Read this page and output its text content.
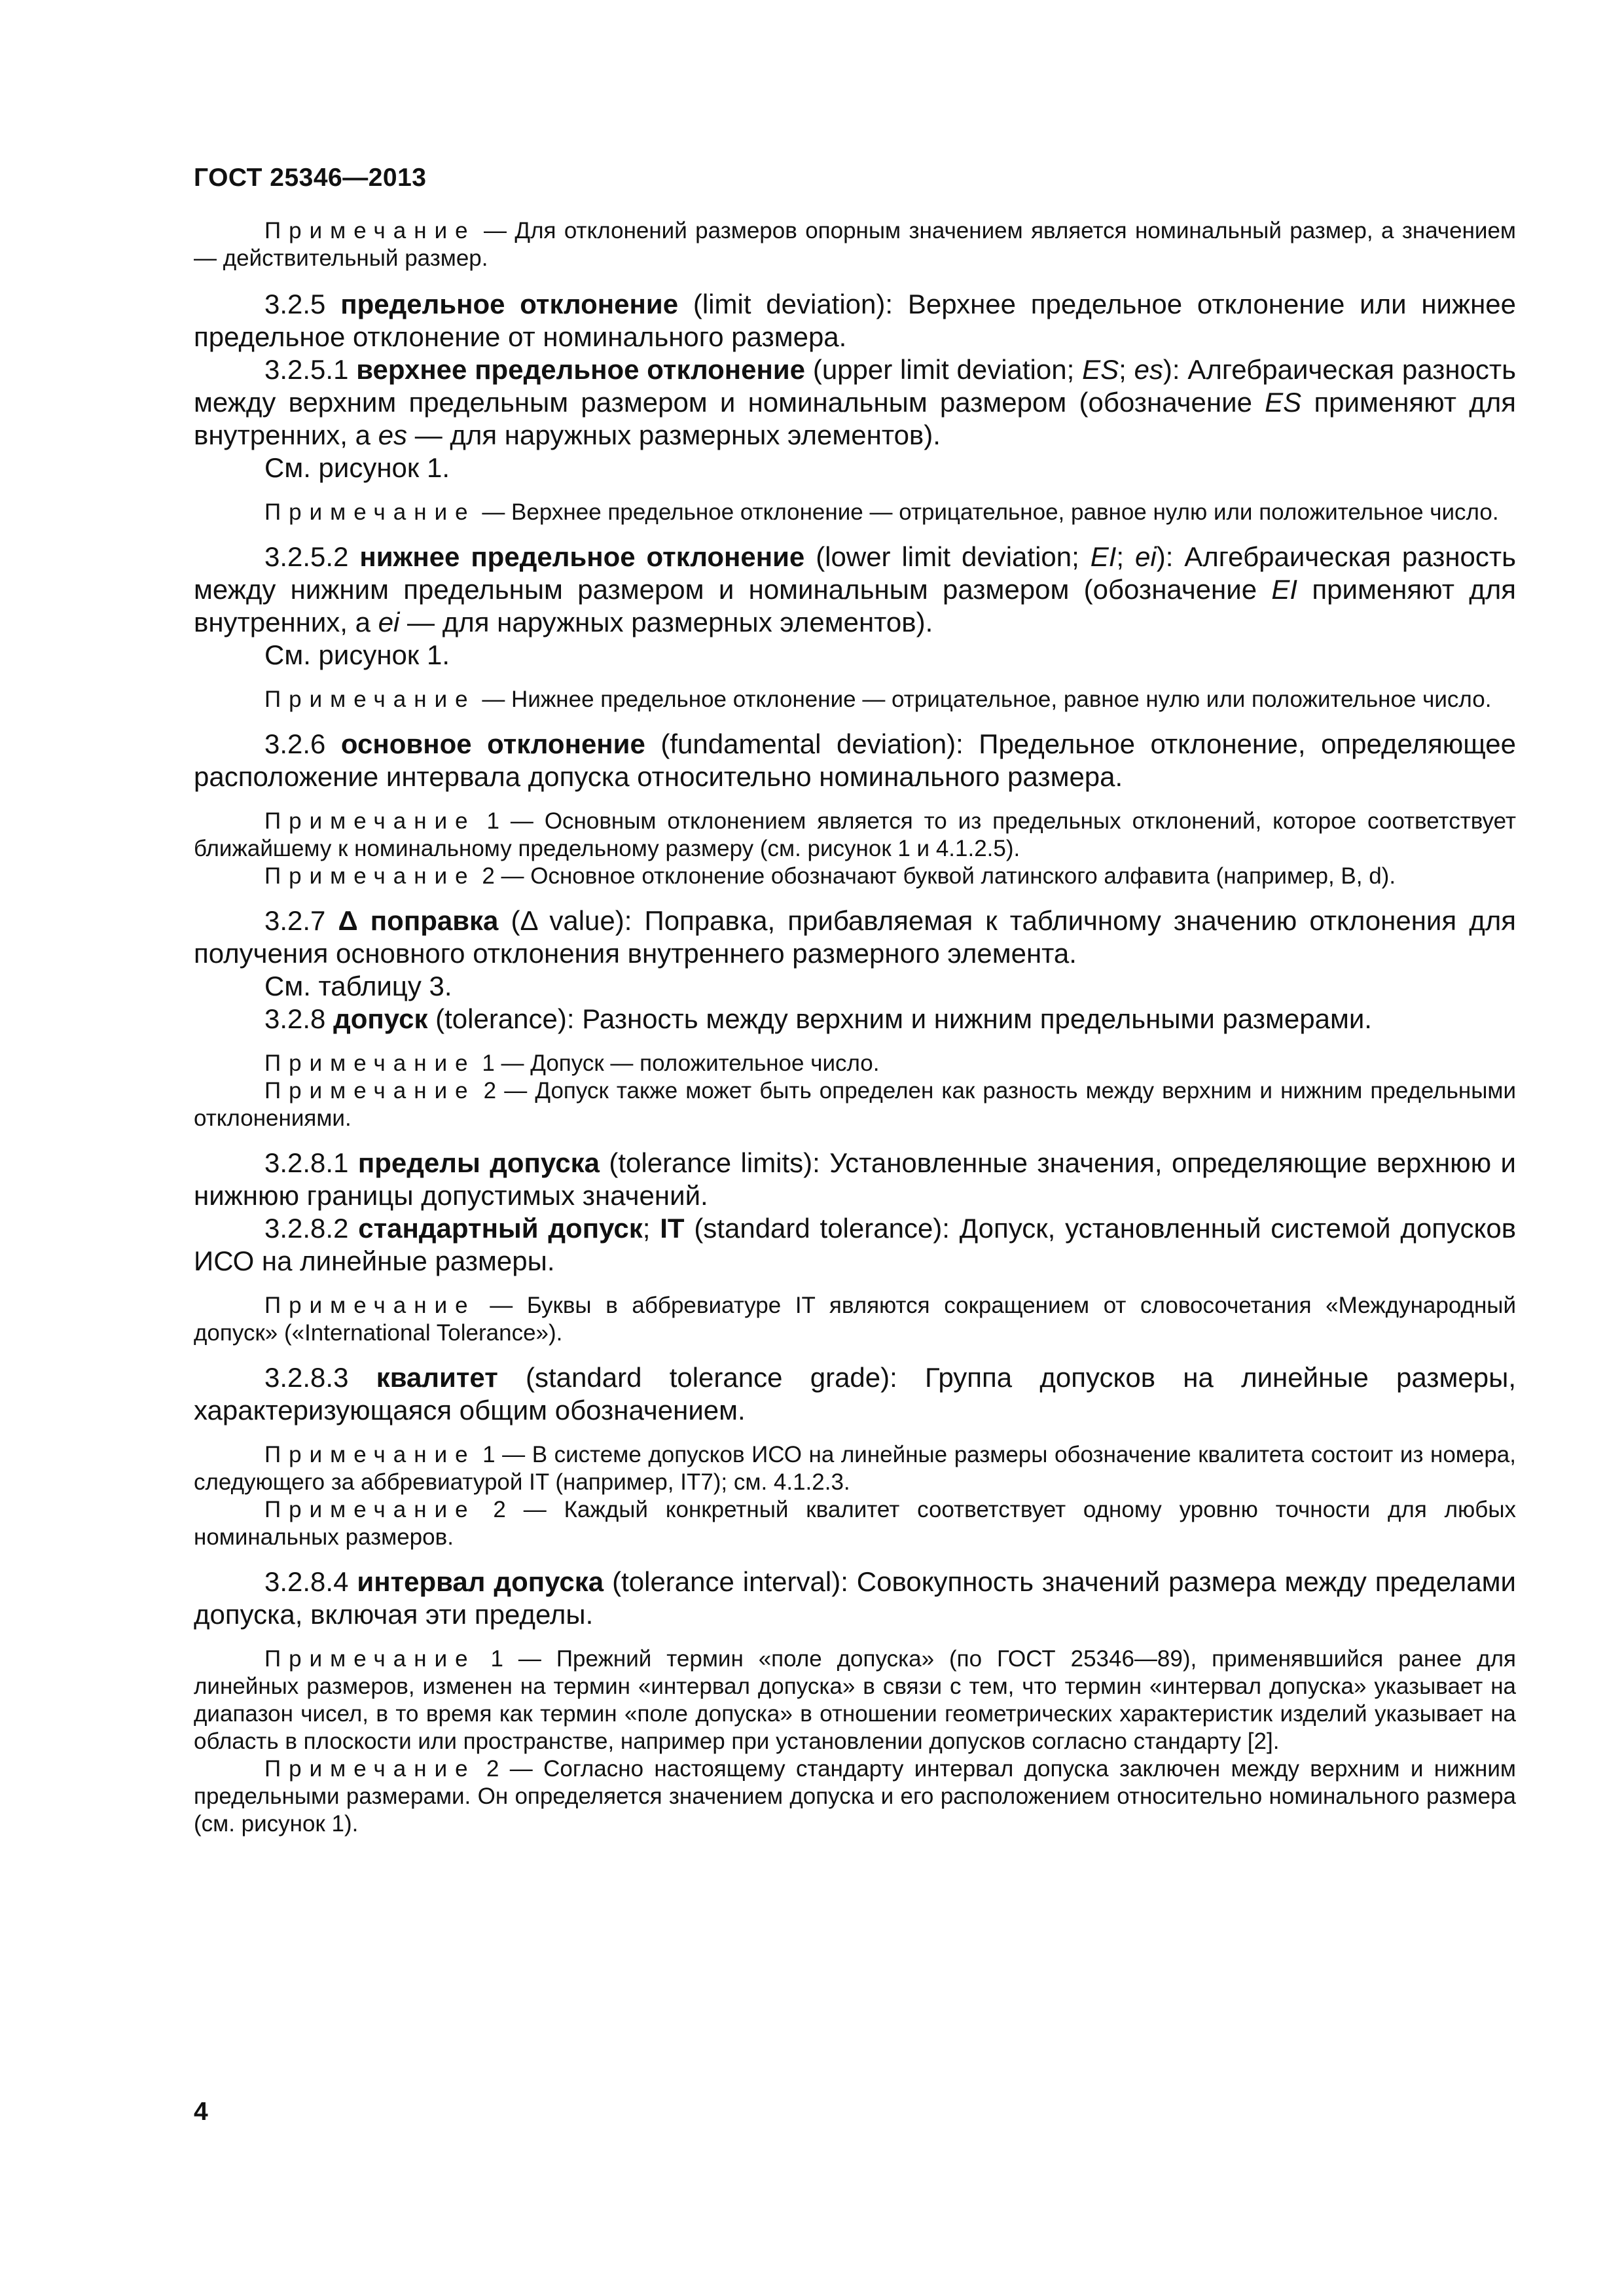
ГОСТ 25346—2013

Примечание — Для отклонений размеров опорным значением является номинальный размер, а значением — действительный размер.

3.2.5 предельное отклонение (limit deviation): Верхнее предельное отклонение или нижнее предельное отклонение от номинального размера.

3.2.5.1 верхнее предельное отклонение (upper limit deviation; ES; es): Алгебраическая разность между верхним предельным размером и номинальным размером (обозначение ES применяют для внутренних, а es — для наружных размерных элементов).

См. рисунок 1.

Примечание — Верхнее предельное отклонение — отрицательное, равное нулю или положительное число.

3.2.5.2 нижнее предельное отклонение (lower limit deviation; EI; ei): Алгебраическая разность между нижним предельным размером и номинальным размером (обозначение EI применяют для внутренних, а ei — для наружных размерных элементов).

См. рисунок 1.

Примечание — Нижнее предельное отклонение — отрицательное, равное нулю или положительное число.

3.2.6 основное отклонение (fundamental deviation): Предельное отклонение, определяющее расположение интервала допуска относительно номинального размера.

Примечание 1 — Основным отклонением является то из предельных отклонений, которое соответствует ближайшему к номинальному предельному размеру (см. рисунок 1 и 4.1.2.5).

Примечание 2 — Основное отклонение обозначают буквой латинского алфавита (например, B, d).

3.2.7 Δ поправка (Δ value): Поправка, прибавляемая к табличному значению отклонения для получения основного отклонения внутреннего размерного элемента.

См. таблицу 3.

3.2.8 допуск (tolerance): Разность между верхним и нижним предельными размерами.

Примечание 1 — Допуск — положительное число.

Примечание 2 — Допуск также может быть определен как разность между верхним и нижним предельными отклонениями.

3.2.8.1 пределы допуска (tolerance limits): Установленные значения, определяющие верхнюю и нижнюю границы допустимых значений.

3.2.8.2 стандартный допуск; IT (standard tolerance): Допуск, установленный системой допусков ИСО на линейные размеры.

Примечание — Буквы в аббревиатуре IT являются сокращением от словосочетания «Международный допуск» («International Tolerance»).

3.2.8.3 квалитет (standard tolerance grade): Группа допусков на линейные размеры, характеризующаяся общим обозначением.

Примечание 1 — В системе допусков ИСО на линейные размеры обозначение квалитета состоит из номера, следующего за аббревиатурой IT (например, IT7); см. 4.1.2.3.

Примечание 2 — Каждый конкретный квалитет соответствует одному уровню точности для любых номинальных размеров.

3.2.8.4 интервал допуска (tolerance interval): Совокупность значений размера между пределами допуска, включая эти пределы.

Примечание 1 — Прежний термин «поле допуска» (по ГОСТ 25346—89), применявшийся ранее для линейных размеров, изменен на термин «интервал допуска» в связи с тем, что термин «интервал допуска» указывает на диапазон чисел, в то время как термин «поле допуска» в отношении геометрических характеристик изделий указывает на область в плоскости или пространстве, например при установлении допусков согласно стандарту [2].

Примечание 2 — Согласно настоящему стандарту интервал допуска заключен между верхним и нижним предельными размерами. Он определяется значением допуска и его расположением относительно номинального размера (см. рисунок 1).

4
